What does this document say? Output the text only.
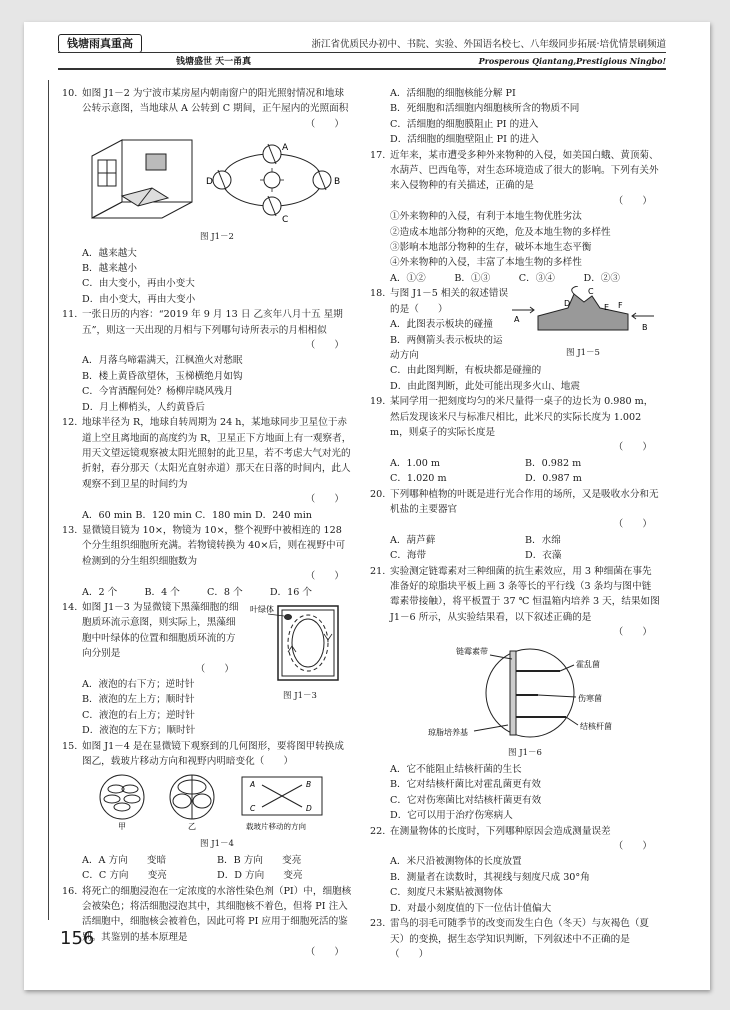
钱塘雨真重高
钱塘盛世 天一甬真
浙江省优质民办初中、书院、实验、外国语名校七、八年级同步拓展·培优情景刷频道
Prosperous Qiantang,Prestigious Ningbo!

10. 如图 J1－2 为宁波市某房屋内朝南窗户的阳光照射情况和地球公转示意图，当地球从 A 公转到 C 期间，正午屋内的光照面积

（　　）
A
B
C
D
图 J1－2
A．越来越大
B．越来越小
C．由大变小，再由小变大
D．由小变大，再由大变小

11. 一张日历的内容：“2019 年 9 月 13 日 乙亥年八月十五 星期五”，则这一天出现的月相与下列哪句诗所表示的月相相似

（　　）
A．月落乌啼霜满天，江枫渔火对愁眠
B．楼上黄昏欲望休，玉梯横绝月如钩
C．今宵酒醒何处？杨柳岸晓风残月
D．月上柳梢头，人约黄昏后

12. 地球半径为 R，地球自转周期为 24 h，某地球同步卫星位于赤道上空且离地面的高度约为 R，卫星正下方地面上有一观察者，用天文望远镜观察被太阳光照射的此卫星，若不考虑大气对光的折射，春分那天（太阳光直射赤道）那天在日落的时间内，此人观察不到卫星的时间约为

（　　）
A．60 min B．120 min C．180 min D．240 min

13. 显微镜目镜为 10×，物镜为 10×，整个视野中被相连的 128 个分生组织细胞所充满。若物镜转换为 40×后，则在视野中可检测到的分生组织细胞数为

（　　）
A．2 个	B．4 个	C．8 个	D．16 个

14. 如图 J1－3 为显微镜下黑藻细胞的细胞质环流示意图，则实际上，黑藻细胞中叶绿体的位置和细胞质环流的方向分别是

（　　）
叶绿体
图 J1－3
A．液泡的右下方；逆时针
B．液泡的左上方；顺时针
C．液泡的右上方；逆时针
D．液泡的左下方；顺时针

15. 如图 J1－4 是在显微镜下观察到的几何图形，要将图甲转换成图乙，载玻片移动方向和视野内明暗变化（　　）

甲	乙	载玻片移动的方向
A	B
C	D
图 J1－4
A．A 方向　　变暗	B．B 方向　　变亮
C．C 方向　　变亮	D．D 方向　　变亮

16. 将死亡的细胞浸泡在一定浓度的水溶性染色剂（PI）中，细胞核会被染色；将活细胞浸泡其中，其细胞核不着色，但将 PI 注入活细胞中，细胞核会被着色，因此可将 PI 应用于细胞死活的鉴别。其鉴别的基本原理是

（　　）
A．活细胞的细胞核能分解 PI
B．死细胞和活细胞内细胞核所含的物质不同
C．活细胞的细胞膜阻止 PI 的进入
D．活细胞的细胞壁阻止 PI 的进入

17. 近年来，某市遭受多种外来物种的入侵，如美国白蛾、黄顶菊、水葫芦、巴西龟等，对生态环境造成了很大的影响。下列有关外来入侵物种的有关描述，正确的是

（　　）
①外来物种的入侵，有利于本地生物优胜劣汰
②造成本地部分物种的灭绝，危及本地生物的多样性
③影响本地部分物种的生存，破坏本地生态平衡
④外来物种的入侵，丰富了本地生物的多样性
A．①②	B．①③	C．③④	D．②③

18. 与图 J1－5 相关的叙述错误的是（　　）

A．此图表示板块的碰撞
B．两侧箭头表示板块的运动方向
A
B
C
D	E F
图 J1－5
C．由此图判断，有板块都是碰撞的
D．由此图判断，此处可能出现多火山、地震

19. 某同学用一把刻度均匀的米尺量得一桌子的边长为 0.980 m，然后发现该米尺与标准尺相比，此米尺的实际长度为 1.002 m，则桌子的实际长度是

（　　）
A．1.00 m	B．0.982 m
C．1.020 m	D．0.987 m

20. 下列哪种植物的叶既是进行光合作用的场所，又是吸收水分和无机盐的主要器官

（　　）
A．葫芦藓	B．水绵
C．海带	D．衣藻

21. 实验测定链霉素对三种细菌的抗生素效应，用 3 种细菌在事先准备好的琼脂块平板上画 3 条等长的平行线（3 条均与图中链霉素带接触），将平板置于 37 ℃ 恒温箱内培养 3 天，结果如图 J1－6 所示，从实验结果看，以下叙述正确的是

（　　）
链霉素带
霍乱菌
伤寒菌
结核杆菌
琼脂培养基
图 J1－6
A．它不能阻止结核杆菌的生长
B．它对结核杆菌比对霍乱菌更有效
C．它对伤寒菌比对结核杆菌更有效
D．它可以用于治疗伤寒病人

22. 在测量物体的长度时，下列哪种原因会造成测量误差

（　　）
A．米尺沿被测物体的长度放置
B．测量者在读数时，其视线与刻度尺成 30°角
C．刻度尺未紧贴被测物体
D．对最小刻度值的下一位估计值偏大

23. 雷鸟的羽毛可随季节的改变而发生白色（冬天）与灰褐色（夏天）的变换，据生态学知识判断，下列叙述中不正确的是（　　）

156
